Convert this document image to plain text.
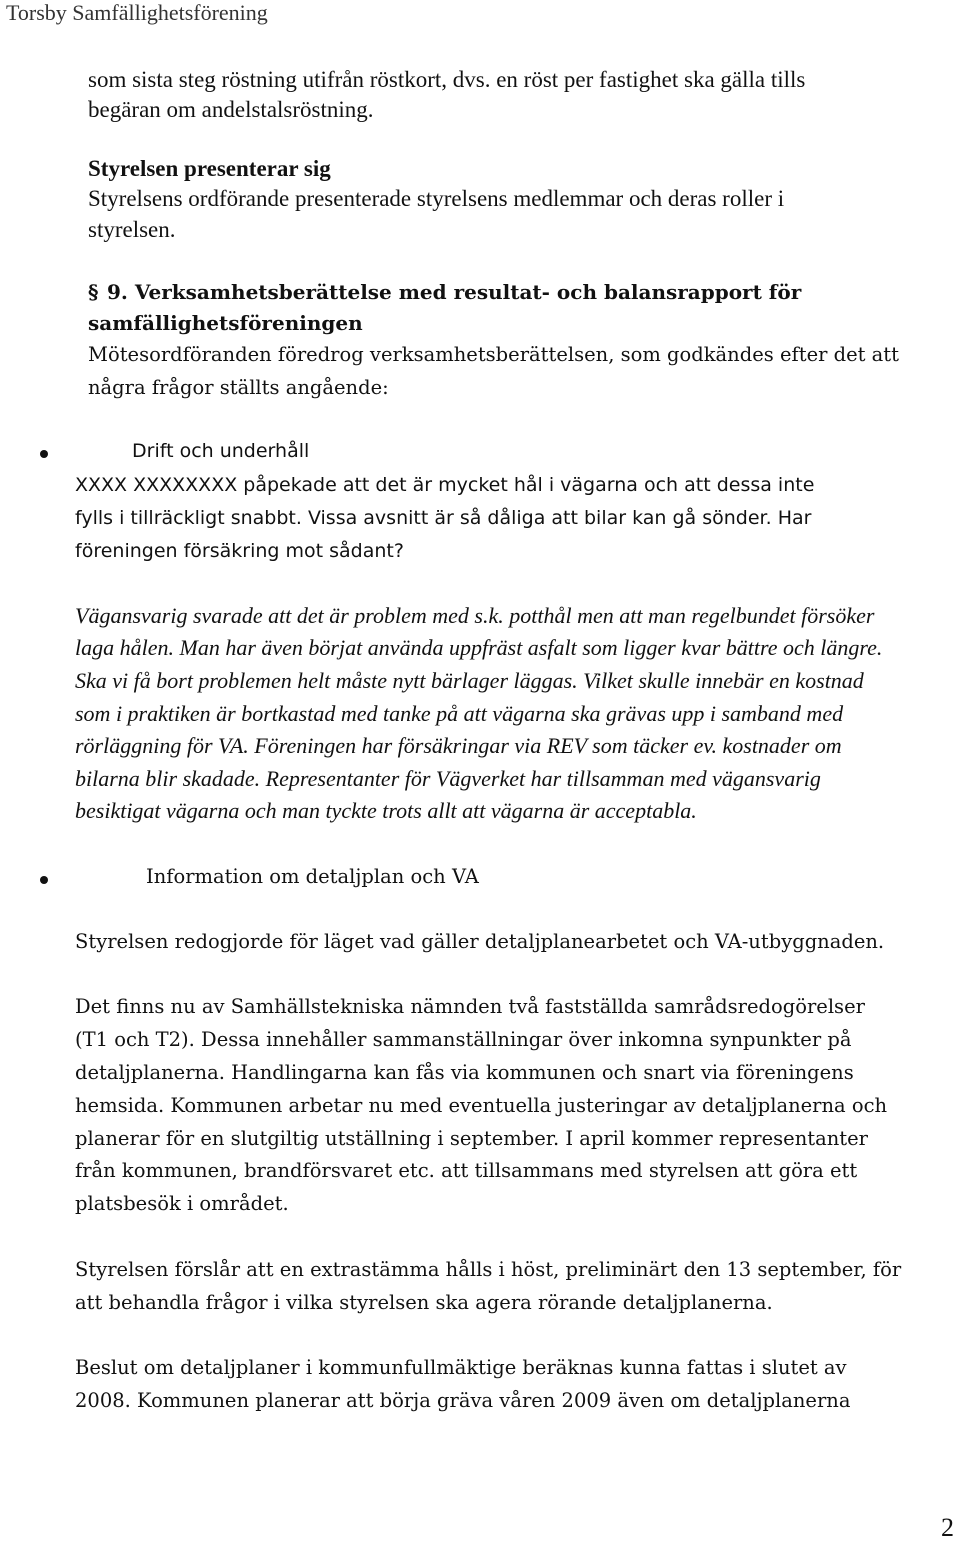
Torsby Samfällighetsförening
som sista steg röstning utifrån röstkort, dvs. en röst per fastighet ska gälla tills
begäran om andelstalsröstning.
Styrelsen presenterar sig
Styrelsens ordförande presenterade styrelsens medlemmar och deras roller i
styrelsen.
§ 9. Verksamhetsberättelse med resultat- och balansrapport för
samfällighetsföreningen
Mötesordföranden föredrog verksamhetsberättelsen, som godkändes efter det att
några frågor ställts angående:
Drift och underhåll
XXXX XXXXXXXX påpekade att det är mycket hål i vägarna och att dessa inte
fylls i tillräckligt snabbt. Vissa avsnitt är så dåliga att bilar kan gå sönder. Har
föreningen försäkring mot sådant?
Vägansvarig svarade att det är problem med s.k. potthål men att man regelbundet försöker
laga hålen. Man har även börjat använda uppfräst asfalt som ligger kvar bättre och längre.
Ska vi få bort problemen helt måste nytt bärlager läggas. Vilket skulle innebär en kostnad
som i praktiken är bortkastad med tanke på att vägarna ska grävas upp i samband med
rörläggning för VA. Föreningen har försäkringar via REV som täcker ev. kostnader om
bilarna blir skadade. Representanter för Vägverket har tillsamman med vägansvarig
besiktigat vägarna och man tyckte trots allt att vägarna är acceptabla.
Information om detaljplan och VA
Styrelsen redogjorde för läget vad gäller detaljplanearbetet och VA-utbyggnaden.
Det finns nu av Samhällstekniska nämnden två fastställda samrådsredogörelser
(T1 och T2). Dessa innehåller sammanställningar över inkomna synpunkter på
detaljplanerna. Handlingarna kan fås via kommunen och snart via föreningens
hemsida. Kommunen arbetar nu med eventuella justeringar av detaljplanerna och
planerar för en slutgiltig utställning i september. I april kommer representanter
från kommunen, brandförsvaret etc. att tillsammans med styrelsen att göra ett
platsbesök i området.
Styrelsen förslår att en extrastämma hålls i höst, preliminärt den 13 september, för
att behandla frågor i vilka styrelsen ska agera rörande detaljplanerna.
Beslut om detaljplaner i kommunfullmäktige beräknas kunna fattas i slutet av
2008. Kommunen planerar att börja gräva våren 2009 även om detaljplanerna
2
